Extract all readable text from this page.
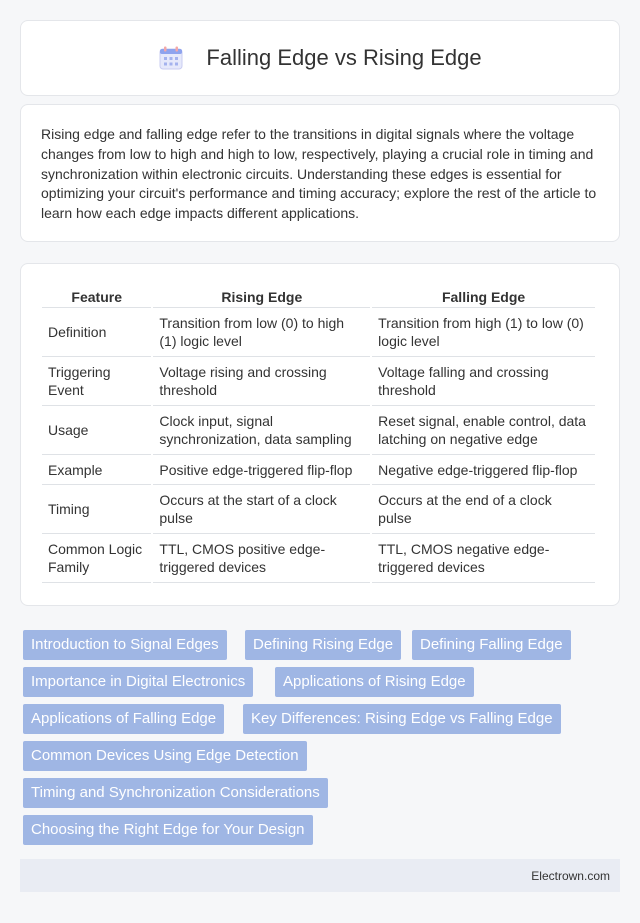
Falling Edge vs Rising Edge

Rising edge and falling edge refer to the transitions in digital signals where the voltage changes from low to high and high to low, respectively, playing a crucial role in timing and synchronization within electronic circuits. Understanding these edges is essential for optimizing your circuit's performance and timing accuracy; explore the rest of the article to learn how each edge impacts different applications.

Feature	Rising Edge	Falling Edge
Definition	Transition from low (0) to high (1) logic level	Transition from high (1) to low (0) logic level
Triggering Event	Voltage rising and crossing threshold	Voltage falling and crossing threshold
Usage	Clock input, signal synchronization, data sampling	Reset signal, enable control, data latching on negative edge
Example	Positive edge-triggered flip-flop	Negative edge-triggered flip-flop
Timing	Occurs at the start of a clock pulse	Occurs at the end of a clock pulse
Common Logic Family	TTL, CMOS positive edge-triggered devices	TTL, CMOS negative edge-triggered devices
Introduction to Signal Edges	Defining Rising Edge	Defining Falling Edge
Importance in Digital Electronics	Applications of Rising Edge
Applications of Falling Edge	Key Differences: Rising Edge vs Falling Edge
Common Devices Using Edge Detection
Timing and Synchronization Considerations
Choosing the Right Edge for Your Design
Electrown.com
